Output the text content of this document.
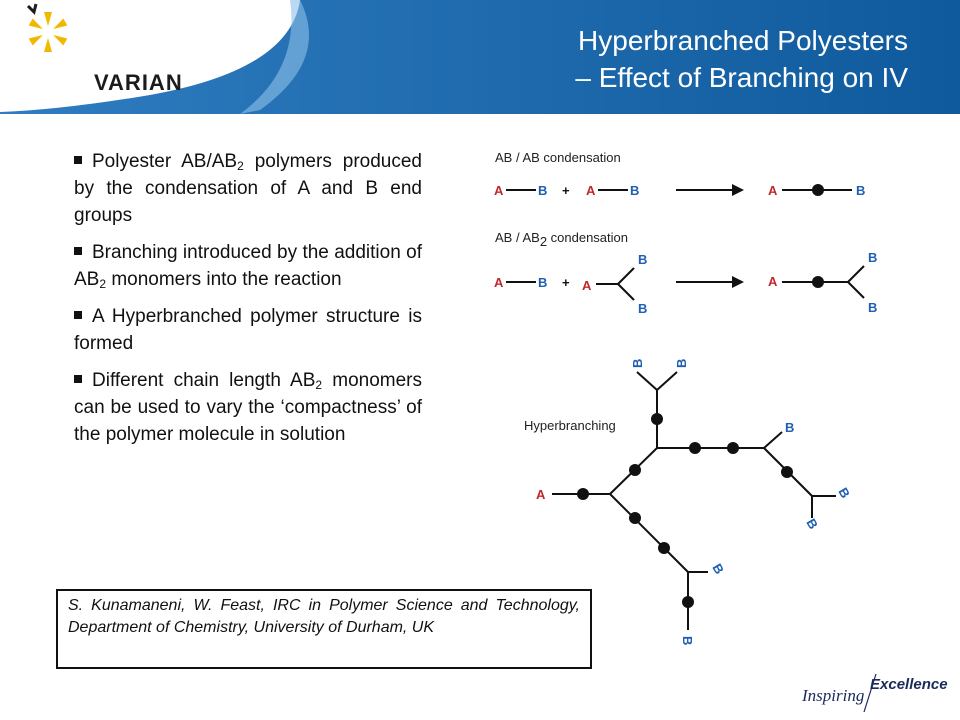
VARIAN
Hyperbranched Polyesters
– Effect of Branching on IV
Polyester $AB/AB_2$ polymers produced by the condensation of A and B end groups
Branching introduced by the addition of $AB_2$ monomers into the reaction
A Hyperbranched polymer structure is formed
Different chain length $AB_2$ monomers can be used to vary the ‘compactness’ of the polymer molecule in solution
AB / AB condensation
A	B + A	B	A	B
AB / AB2 condensation
A	B + A
B
B
A
B
B
Hyperbranching
A
B B
B
B
B
B
B
S. Kunamaneni, W. Feast, IRC in Polymer Science and Technology, Department of Chemistry, University of Durham, UK
Inspiring
Excellence
